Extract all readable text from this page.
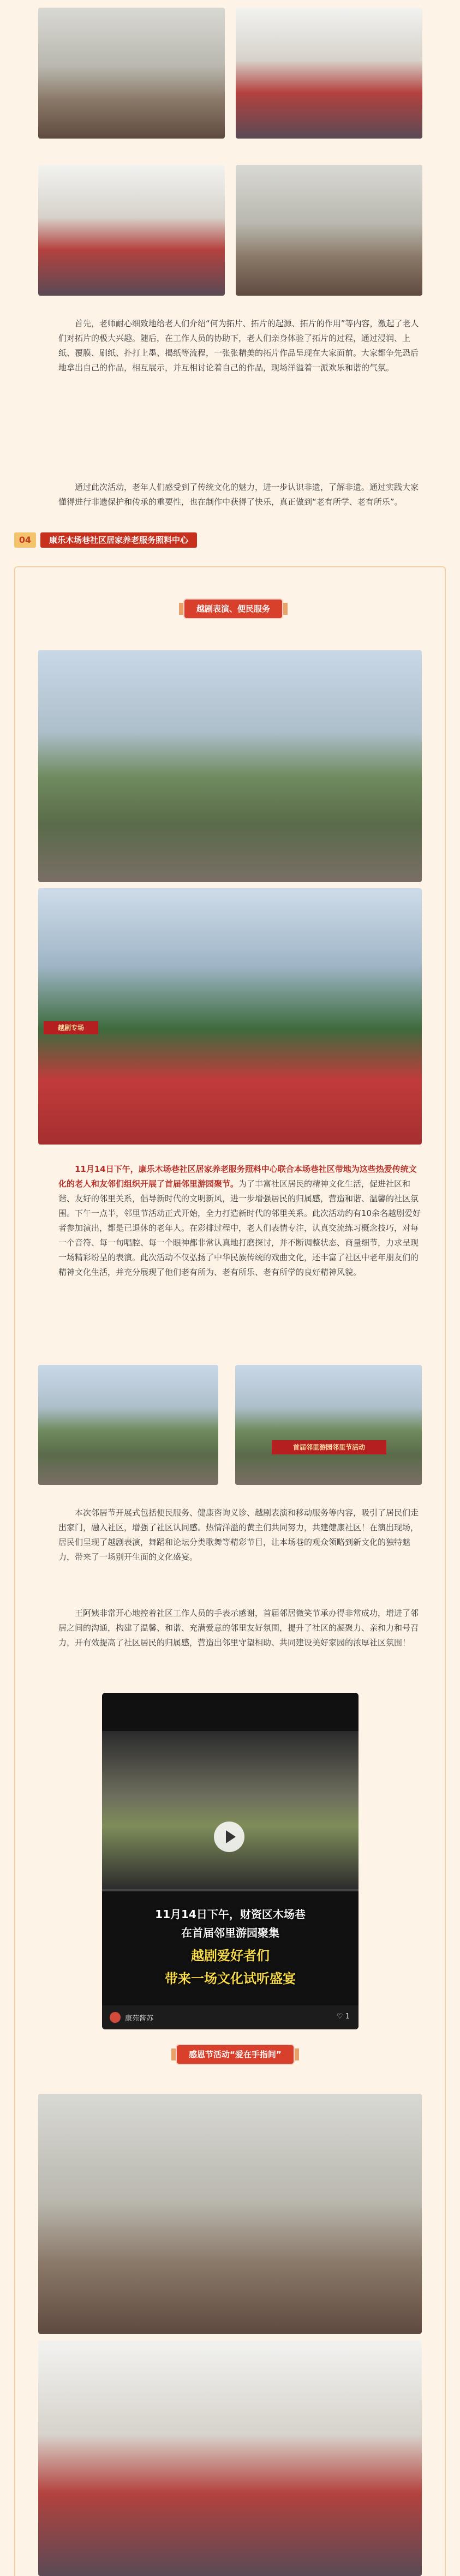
首先，老师耐心细致地给老人们介绍“何为拓片、拓片的起源、拓片的作用”等内容，激起了老人们对拓片的极大兴趣。随后，在工作人员的协助下，老人们亲身体验了拓片的过程，通过浸润、上纸、覆膜、刷纸、扑打上墨、揭纸等流程，一张张精美的拓片作品呈现在大家面前。大家都争先恐后地拿出自己的作品，相互展示，并互相讨论着自己的作品，现场洋溢着一派欢乐和谐的气氛。

通过此次活动，老年人们感受到了传统文化的魅力，进一步认识非遗，了解非遗。通过实践大家懂得进行非遗保护和传承的重要性，也在制作中获得了快乐，真正做到“老有所学、老有所乐”。

04	康乐木场巷社区居家养老服务照料中心
越剧表演、便民服务
越剧专场

11月14日下午，康乐木场巷社区居家养老服务照料中心联合本场巷社区带地为这些热爱传统文化的老人和友邻们组织开展了首届邻里游园聚节。为了丰富社区居民的精神文化生活，促进社区和谐、友好的邻里关系，倡导新时代的文明新风，进一步增强居民的归属感，营造和谐、温馨的社区氛围。下午一点半，邻里节活动正式开始，全力打造新时代的邻里关系。此次活动约有10余名越剧爱好者参加演出，都是已退休的老年人。在彩排过程中，老人们表情专注，认真交流练习概念技巧，对每一个音符、每一句唱腔、每一个眼神都非常认真地打磨探讨，并不断调整状态、商量细节，力求呈现一场精彩纷呈的表演。此次活动不仅弘扬了中华民族传统的戏曲文化，还丰富了社区中老年朋友们的精神文化生活，并充分展现了他们老有所为、老有所乐、老有所学的良好精神风貌。

首届邻里游园邻里节活动

本次邻居节开展式包括便民服务、健康咨询义诊、越剧表演和移动服务等内容，吸引了居民们走出家门，融入社区，增强了社区认同感。热情洋溢的黄主们共同努力，共建健康社区！在演出现场，居民们呈现了越剧表演，舞蹈和论坛分类歌舞等精彩节目，让本场巷的观众领略到新文化的独特魅力，带来了一场别开生面的文化盛宴。

王阿姨非常开心地控着社区工作人员的手表示感谢，首届邻居微笑节承办得非常成功，增进了邻居之间的沟通，构建了温馨、和谐、充满爱意的邻里友好氛围，提升了社区的凝聚力、亲和力和号召力，开有效提高了社区居民的归属感，营造出邻里守望相助、共同建设美好家园的浓厚社区氛围！

11月14日下午，财资区木场巷
在首届邻里游园聚集
越剧爱好者们
带来一场文化试听盛宴
康苑酱苏	♡ 1
感恩节活动“爱在手指间”
